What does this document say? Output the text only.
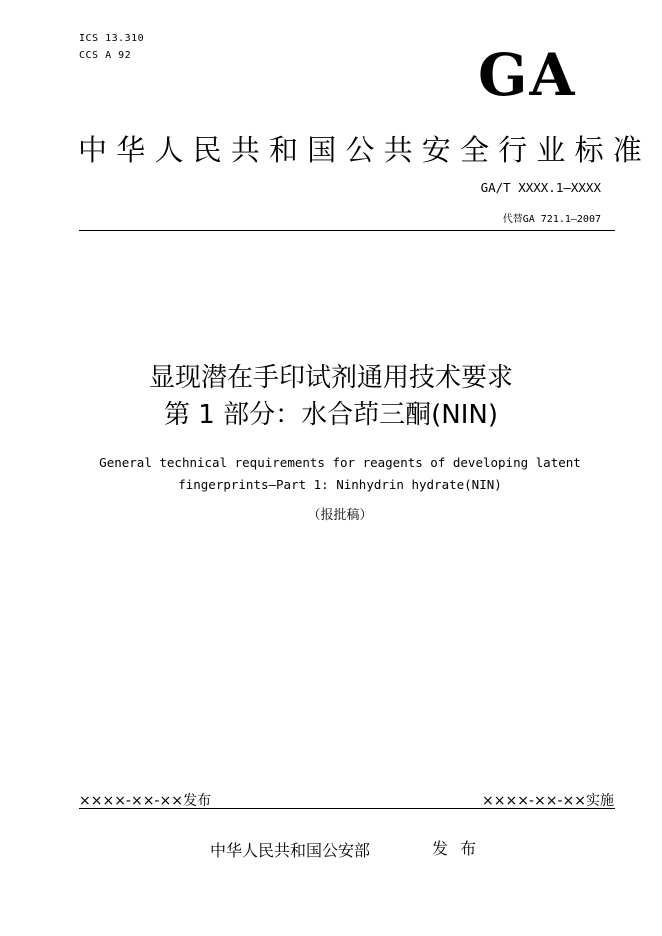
ICS 13.310
CCS A 92	GA
中华人民共和国公共安全行业标准
GA/T XXXX.1—XXXX
代替GA 721.1—2007
显现潜在手印试剂通用技术要求
第 1 部分：水合茚三酮(NIN)
General technical requirements for reagents of developing latent
fingerprints—Part 1: Ninhydrin hydrate(NIN)
（报批稿）
××××-××-××发布	××××-××-××实施
中华人民共和国公安部	发布
